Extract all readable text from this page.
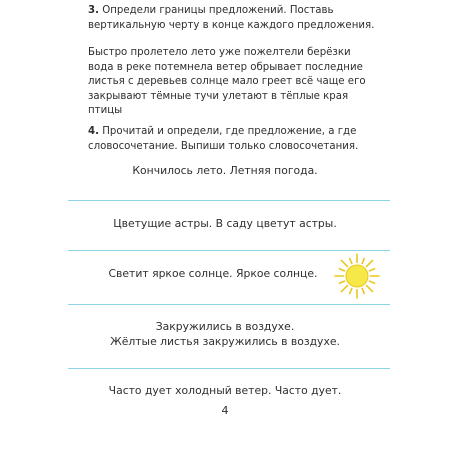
3. Определи границы предложений. Поставь вертикальную черту в конце каждого предложения.

Быстро пролетело лето уже пожелтели берёзки вода в реке потемнела ветер обрывает последние листья с деревьев солнце мало греет всё чаще его закрывают тёмные тучи улетают в тёплые края птицы

4. Прочитай и определи, где предложение, а где словосочетание. Выпиши только словосочетания.

Кончилось лето. Летняя погода.
Цветущие астры. В саду цветут астры.
Светит яркое солнце. Яркое солнце.
Закружились в воздухе.
Жёлтые листья закружились в воздухе.
Часто дует холодный ветер. Часто дует.
4
